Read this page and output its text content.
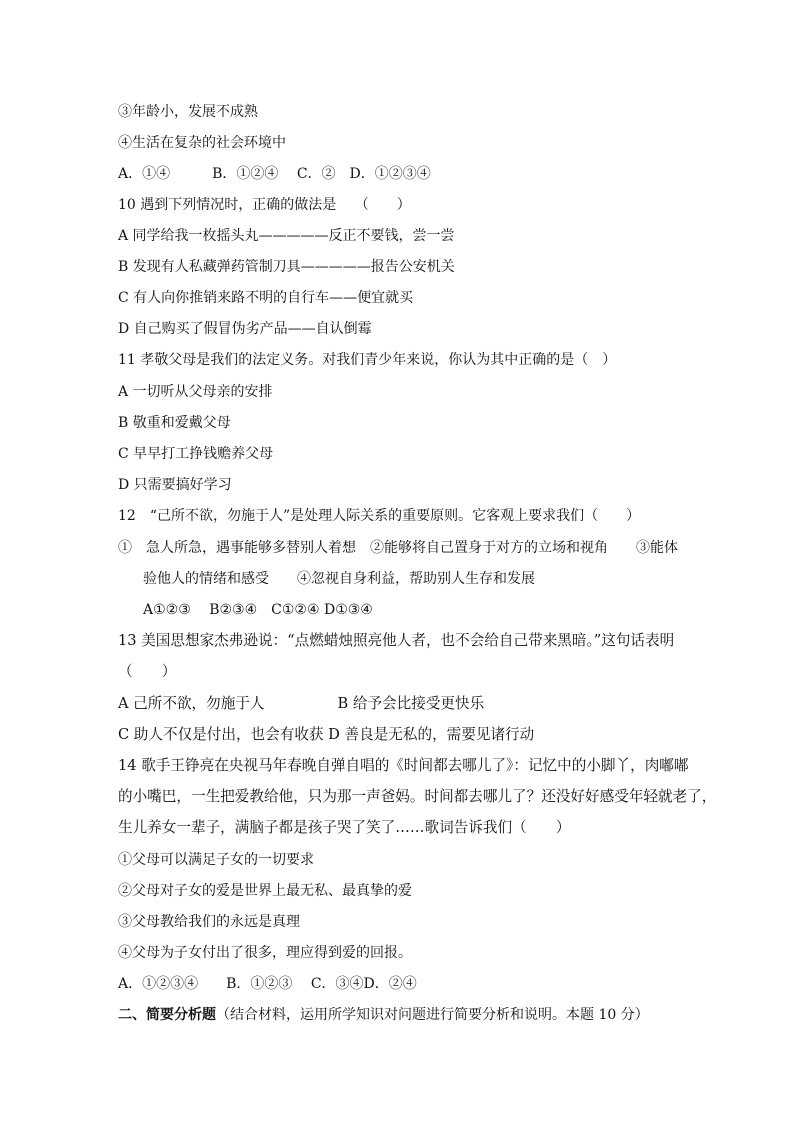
③年龄小，发展不成熟
④生活在复杂的社会环境中
A．①④　　　B．①②④　 C．②　D．①②③④
10 遇到下列情况时，正确的做法是　 （　　）
A 同学给我一枚摇头丸—————反正不要钱，尝一尝
B 发现有人私藏弹药管制刀具—————报告公安机关
C 有人向你推销来路不明的自行车——便宜就买
D 自己购买了假冒伪劣产品——自认倒霉
11 孝敬父母是我们的法定义务。对我们青少年来说，你认为其中正确的是（　）
A 一切听从父母亲的安排
B 敬重和爱戴父母
C 早早打工挣钱赡养父母
D 只需要搞好学习
12　“己所不欲，勿施于人”是处理人际关系的重要原则。它客观上要求我们（　　）
①　急人所急，遇事能够多替别人着想　②能够将自己置身于对方的立场和视角　　③能体
验他人的情绪和感受　　④忽视自身利益，帮助别人生存和发展
A①②③　 B②③④　C①②④ D①③④
13 美国思想家杰弗逊说：“点燃蜡烛照亮他人者，也不会给自己带来黑暗。”这句话表明
（　　）
A 己所不欲，勿施于人　　　　　B 给予会比接受更快乐
C 助人不仅是付出，也会有收获 D 善良是无私的，需要见诸行动
14 歌手王铮亮在央视马年春晚自弹自唱的《时间都去哪儿了》：记忆中的小脚丫，肉嘟嘟
的小嘴巴，一生把爱教给他，只为那一声爸妈。时间都去哪儿了？还没好好感受年轻就老了，
生儿养女一辈子，满脑子都是孩子哭了笑了……歌词告诉我们（　　）
①父母可以满足子女的一切要求
②父母对子女的爱是世界上最无私、最真挚的爱
③父母教给我们的永远是真理
④父母为子女付出了很多，理应得到爱的回报。
A．①②③④　　B．①②③　 C．③④D．②④
二、简要分析题（结合材料，运用所学知识对问题进行简要分析和说明。本题 10 分）
